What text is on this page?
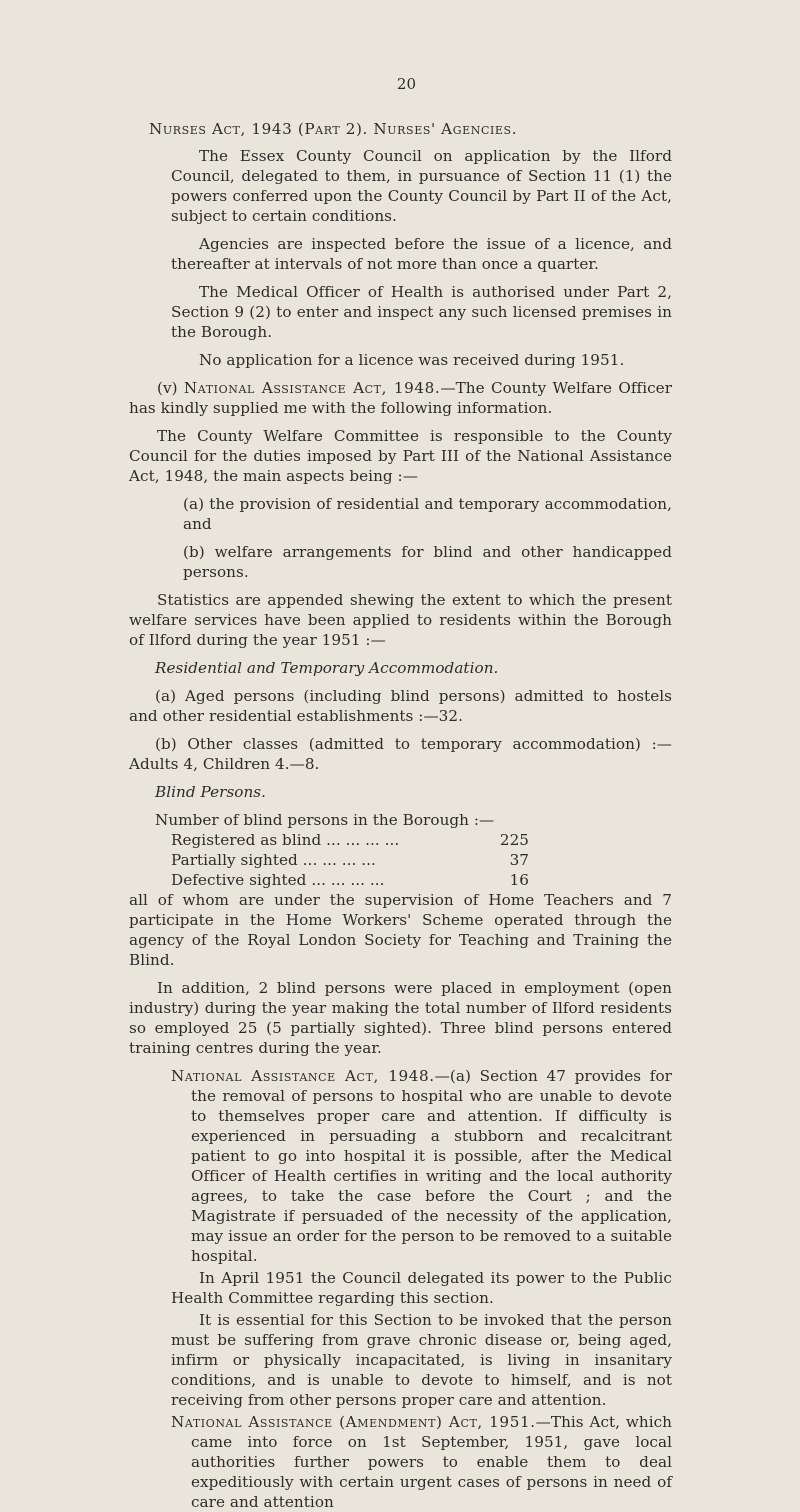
20

Nurses Act, 1943 (Part 2). Nurses' Agencies.

The Essex County Council on application by the Ilford Council, delegated to them, in pursuance of Section 11 (1) the powers conferred upon the County Council by Part II of the Act, subject to certain conditions.

Agencies are inspected before the issue of a licence, and thereafter at intervals of not more than once a quarter.

The Medical Officer of Health is authorised under Part 2, Section 9 (2) to enter and inspect any such licensed premises in the Borough.

No application for a licence was received during 1951.

(v) National Assistance Act, 1948.—The County Welfare Officer has kindly supplied me with the following information.

The County Welfare Committee is responsible to the County Council for the duties imposed by Part III of the National Assistance Act, 1948, the main aspects being :—

(a) the provision of residential and temporary accommodation, and

(b) welfare arrangements for blind and other handicapped persons.

Statistics are appended shewing the extent to which the present welfare services have been applied to residents within the Borough of Ilford during the year 1951 :—

Residential and Temporary Accommodation.

(a) Aged persons (including blind persons) admitted to hostels and other residential establishments :—32.

(b) Other classes (admitted to temporary accommodation) :— Adults 4, Children 4.—8.

Blind Persons.

Number of blind persons in the Borough :—
Registered as blind ... ... ... ...	225
Partially sighted ... ... ... ...	37
Defective sighted ... ... ... ...	16

all of whom are under the supervision of Home Teachers and 7 participate in the Home Workers' Scheme operated through the agency of the Royal London Society for Teaching and Training the Blind.

In addition, 2 blind persons were placed in employment (open industry) during the year making the total number of Ilford residents so employed 25 (5 partially sighted). Three blind persons entered training centres during the year.

National Assistance Act, 1948.—(a) Section 47 provides for the removal of persons to hospital who are unable to devote to themselves proper care and attention. If difficulty is experienced in persuading a stubborn and recalcitrant patient to go into hospital it is possible, after the Medical Officer of Health certifies in writing and the local authority agrees, to take the case before the Court ; and the Magistrate if persuaded of the necessity of the application, may issue an order for the person to be removed to a suitable hospital.

In April 1951 the Council delegated its power to the Public Health Committee regarding this section.

It is essential for this Section to be invoked that the person must be suffering from grave chronic disease or, being aged, infirm or physically incapacitated, is living in insanitary conditions, and is unable to devote to himself, and is not receiving from other persons proper care and attention.

National Assistance (Amendment) Act, 1951.—This Act, which came into force on 1st September, 1951, gave local authorities further powers to enable them to deal expeditiously with certain urgent cases of persons in need of care and attention
